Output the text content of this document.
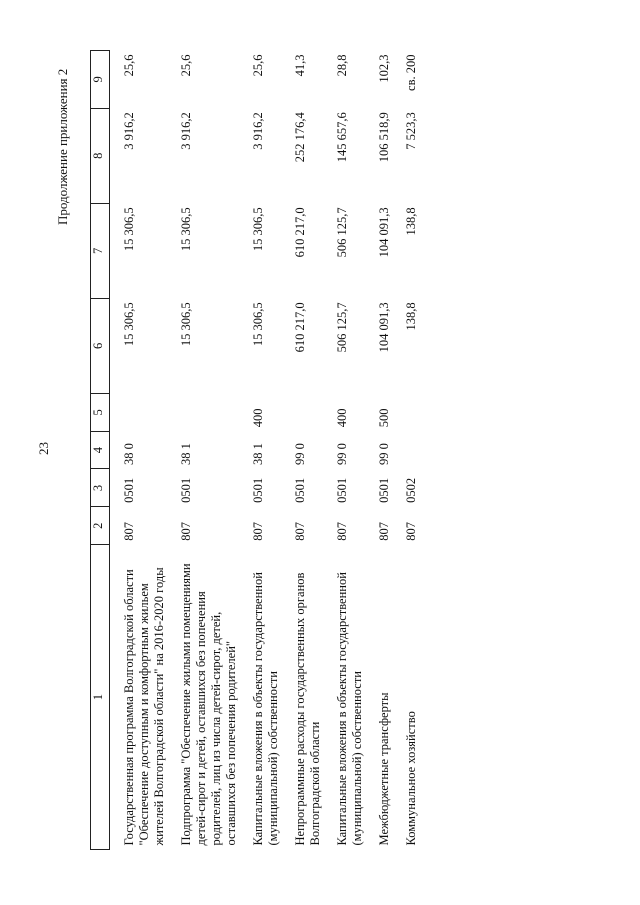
23
Продолжение приложения 2
1	2	3	4	5	6	7	8	9
Государственная программа Волгоградской области "Обеспечение доступным и комфортным жильем жителей Волгоградской области" на 2016-2020 годы	807	0501	38 0		15 306,5	15 306,5	3 916,2	25,6
Подпрограмма "Обеспечение жилыми помещениями детей-сирот и детей, оставшихся без попечения родителей, лиц из числа детей-сирот, детей, оставшихся без попечения родителей"	807	0501	38 1		15 306,5	15 306,5	3 916,2	25,6
Капитальные вложения в объекты государственной (муниципальной) собственности	807	0501	38 1	400	15 306,5	15 306,5	3 916,2	25,6
Непрограммные расходы государственных органов Волгоградской области	807	0501	99 0		610 217,0	610 217,0	252 176,4	41,3
Капитальные вложения в объекты государственной (муниципальной) собственности	807	0501	99 0	400	506 125,7	506 125,7	145 657,6	28,8
Межбюджетные трансферты	807	0501	99 0	500	104 091,3	104 091,3	106 518,9	102,3
Коммунальное хозяйство	807	0502			138,8	138,8	7 523,3	св. 200
